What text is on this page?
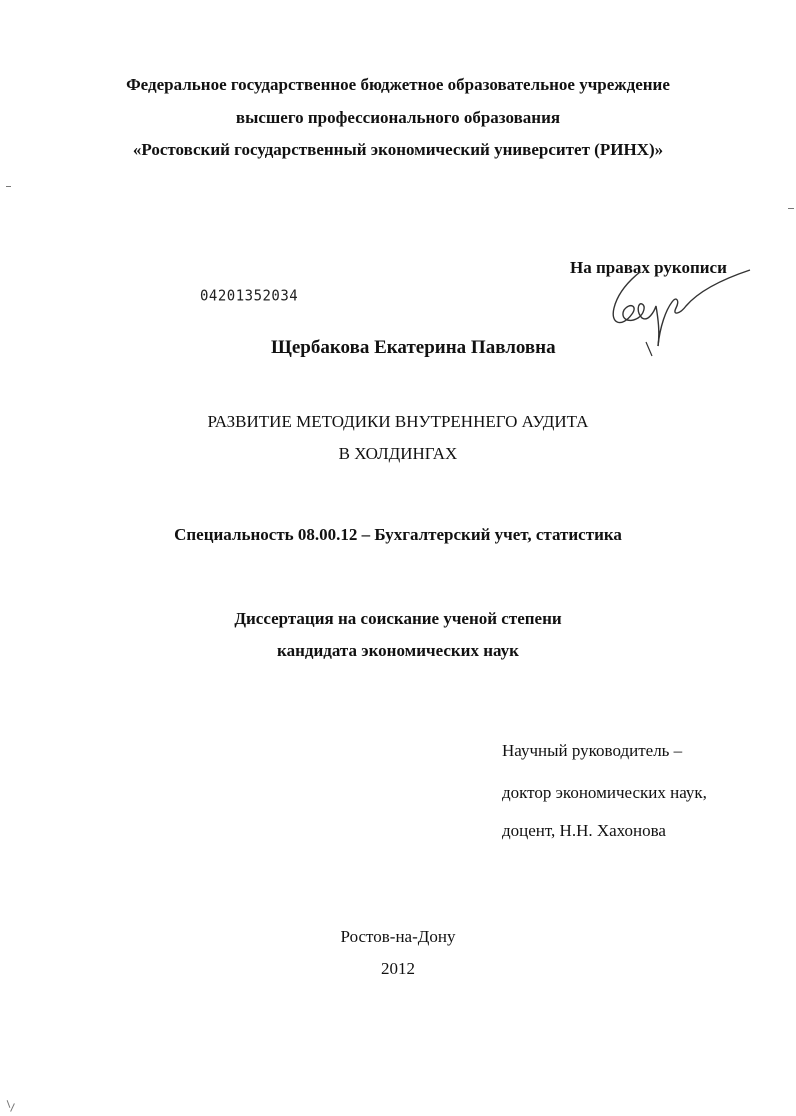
Федеральное государственное бюджетное образовательное учреждение
высшего профессионального образования
«Ростовский государственный экономический университет (РИНХ)»
На правах рукописи
04201352034
Щербакова Екатерина Павловна
РАЗВИТИЕ МЕТОДИКИ ВНУТРЕННЕГО АУДИТА
В ХОЛДИНГАХ
Специальность 08.00.12 – Бухгалтерский учет, статистика
Диссертация на соискание ученой степени
кандидата экономических наук
Научный руководитель –
доктор экономических наук,
доцент, Н.Н. Хахонова
Ростов-на-Дону
2012
